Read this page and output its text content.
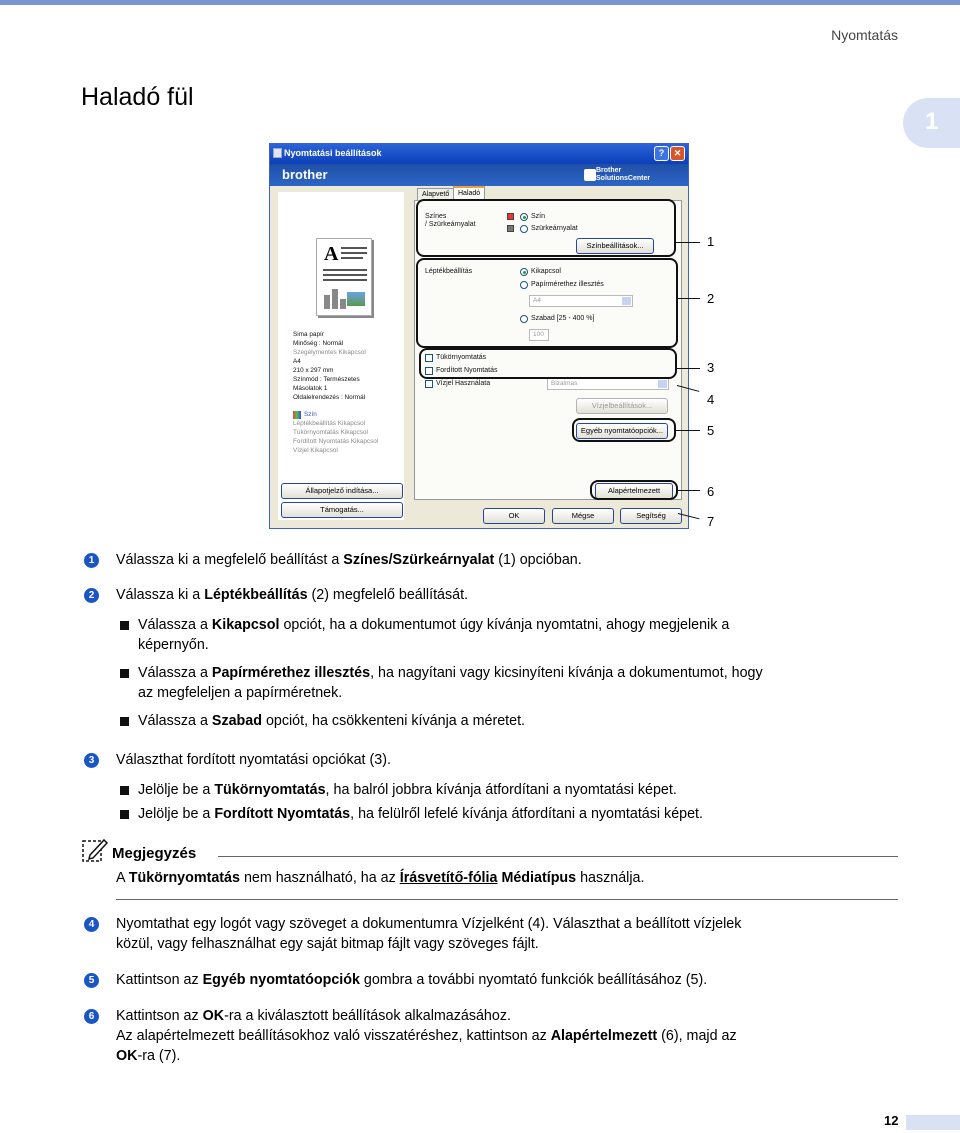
Nyomtatás
Haladó fül
1
Nyomtatási beállítások	?	✕
brother	Brother
SolutionsCenter
A
Sima papír
Minőség : Normál
Szegélymentes Kikapcsol
A4
210 x 297 mm
Színmód : Természetes
Másolatok 1
Oldalelrendezés : Normál
Szín
Léptékbeállítás Kikapcsol
Tükörnyomtatás Kikapcsol
Fordított Nyomtatás Kikapcsol
Vízjel Kikapcsol
Alapvető	Haladó
Színes
/ Szürkeárnyalat
Szín
Szürkeárnyalat
Színbeállítások...
Léptékbeállítás	Kikapcsol
Papírmérethez illesztés
A4
Szabad [25 - 400 %]
100
Tükörnyomtatás
Fordított Nyomtatás
Vízjel Használata	Bizalmas
Vízjelbeállítások...
Egyéb nyomtatóopciók...
Alapértelmezett
Állapotjelző indítása...
Támogatás...
OK	Mégse	Segítség
1
2
3
4
5
6
7
1	Válassza ki a megfelelő beállítást a Színes/Szürkeárnyalat (1) opcióban.
2	Válassza ki a Léptékbeállítás (2) megfelelő beállítását.
Válassza a Kikapcsol opciót, ha a dokumentumot úgy kívánja nyomtatni, ahogy megjelenik a
képernyőn.
Válassza a Papírmérethez illesztés, ha nagyítani vagy kicsinyíteni kívánja a dokumentumot, hogy
az megfeleljen a papírméretnek.
Válassza a Szabad opciót, ha csökkenteni kívánja a méretet.
3	Választhat fordított nyomtatási opciókat (3).
Jelölje be a Tükörnyomtatás, ha balról jobbra kívánja átfordítani a nyomtatási képet.
Jelölje be a Fordított Nyomtatás, ha felülről lefelé kívánja átfordítani a nyomtatási képet.
Megjegyzés
A Tükörnyomtatás nem használható, ha az Írásvetítő-fólia Médiatípus használja.
4	Nyomtathat egy logót vagy szöveget a dokumentumra Vízjelként (4). Választhat a beállított vízjelek
közül, vagy felhasználhat egy saját bitmap fájlt vagy szöveges fájlt.
5	Kattintson az Egyéb nyomtatóopciók gombra a további nyomtató funkciók beállításához (5).
6	Kattintson az OK-ra a kiválasztott beállítások alkalmazásához.
Az alapértelmezett beállításokhoz való visszatéréshez, kattintson az Alapértelmezett (6), majd az
OK-ra (7).
12
